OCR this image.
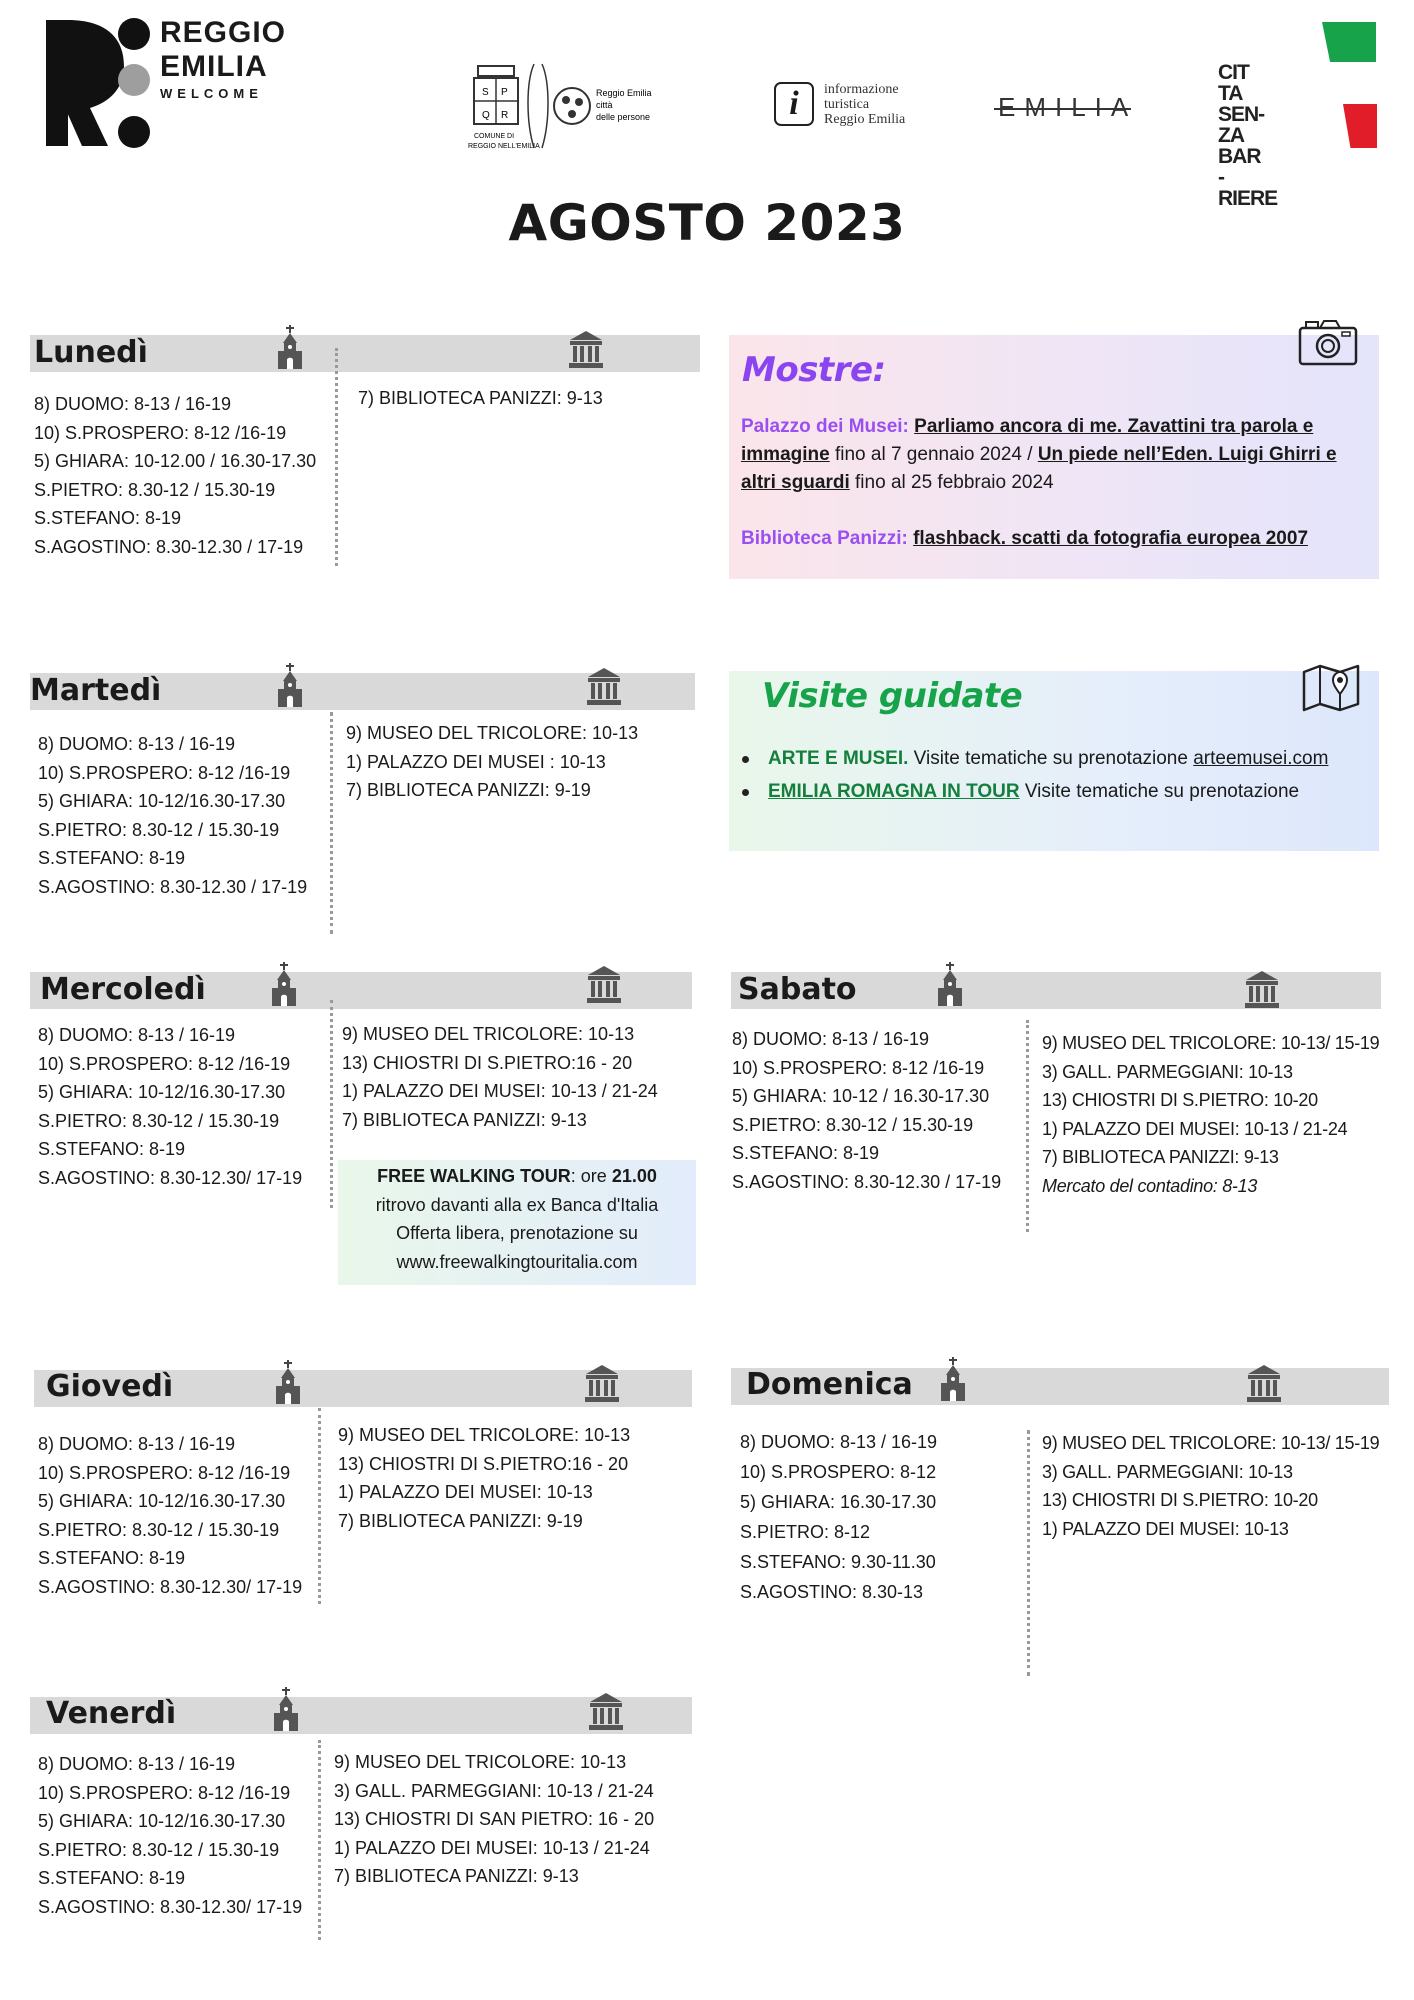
REGGIO
EMILIA
WELCOME	S P
Q R
COMUNE DI
REGGIO NELL'EMILIA
Reggio Emilia
città
delle persone	i	informazione
turistica
Reggio Emilia	EMILIA
CIT TA
SEN-
ZA BAR
-RIERE
AGOSTO 2023
Lunedì
8) DUOMO: 8-13 / 16-19
10) S.PROSPERO: 8-12 /16-19
5) GHIARA: 10-12.00 / 16.30-17.30
S.PIETRO: 8.30-12 / 15.30-19
S.STEFANO: 8-19
S.AGOSTINO: 8.30-12.30 / 17-19
7) BIBLIOTECA PANIZZI: 9-13
Martedì
8) DUOMO: 8-13 / 16-19
10) S.PROSPERO: 8-12 /16-19
5) GHIARA: 10-12/16.30-17.30
S.PIETRO: 8.30-12 / 15.30-19
S.STEFANO: 8-19
S.AGOSTINO: 8.30-12.30 / 17-19
9) MUSEO DEL TRICOLORE: 10-13
1) PALAZZO DEI MUSEI : 10-13
7) BIBLIOTECA PANIZZI: 9-19
Mercoledì
8) DUOMO: 8-13 / 16-19
10) S.PROSPERO: 8-12 /16-19
5) GHIARA: 10-12/16.30-17.30
S.PIETRO: 8.30-12 / 15.30-19
S.STEFANO: 8-19
S.AGOSTINO: 8.30-12.30/ 17-19
9) MUSEO DEL TRICOLORE: 10-13
13) CHIOSTRI DI S.PIETRO:16 - 20
1) PALAZZO DEI MUSEI: 10-13 / 21-24
7) BIBLIOTECA PANIZZI: 9-13
FREE WALKING TOUR: ore 21.00
ritrovo davanti alla ex Banca d'Italia
Offerta libera, prenotazione su
www.freewalkingtouritalia.com
Giovedì
8) DUOMO: 8-13 / 16-19
10) S.PROSPERO: 8-12 /16-19
5) GHIARA: 10-12/16.30-17.30
S.PIETRO: 8.30-12 / 15.30-19
S.STEFANO: 8-19
S.AGOSTINO: 8.30-12.30/ 17-19
9) MUSEO DEL TRICOLORE: 10-13
13) CHIOSTRI DI S.PIETRO:16 - 20
1) PALAZZO DEI MUSEI: 10-13
7) BIBLIOTECA PANIZZI: 9-19
Venerdì
8) DUOMO: 8-13 / 16-19
10) S.PROSPERO: 8-12 /16-19
5) GHIARA: 10-12/16.30-17.30
S.PIETRO: 8.30-12 / 15.30-19
S.STEFANO: 8-19
S.AGOSTINO: 8.30-12.30/ 17-19
9) MUSEO DEL TRICOLORE: 10-13
3) GALL. PARMEGGIANI: 10-13 / 21-24
13) CHIOSTRI DI SAN PIETRO: 16 - 20
1) PALAZZO DEI MUSEI: 10-13 / 21-24
7) BIBLIOTECA PANIZZI: 9-13
Sabato
8) DUOMO: 8-13 / 16-19
10) S.PROSPERO: 8-12 /16-19
5) GHIARA: 10-12 / 16.30-17.30
S.PIETRO: 8.30-12 / 15.30-19
S.STEFANO: 8-19
S.AGOSTINO: 8.30-12.30 / 17-19
9) MUSEO DEL TRICOLORE: 10-13/ 15-19
3) GALL. PARMEGGIANI: 10-13
13) CHIOSTRI DI S.PIETRO: 10-20
1) PALAZZO DEI MUSEI: 10-13 / 21-24
7) BIBLIOTECA PANIZZI: 9-13
Mercato del contadino: 8-13
Domenica
8) DUOMO: 8-13 / 16-19
10) S.PROSPERO: 8-12
5) GHIARA: 16.30-17.30
S.PIETRO: 8-12
S.STEFANO: 9.30-11.30
S.AGOSTINO: 8.30-13
9) MUSEO DEL TRICOLORE: 10-13/ 15-19
3) GALL. PARMEGGIANI: 10-13
13) CHIOSTRI DI S.PIETRO: 10-20
1) PALAZZO DEI MUSEI: 10-13
Mostre:

Palazzo dei Musei: Parliamo ancora di me. Zavattini tra parola e immagine fino al 7 gennaio 2024 / Un piede nell’Eden. Luigi Ghirri e altri sguardi fino al 25 febbraio 2024

Biblioteca Panizzi: flashback. scatti da fotografia europea 2007

Visite guidate
ARTE E MUSEI. Visite tematiche su prenotazione arteemusei.com
EMILIA ROMAGNA IN TOUR Visite tematiche su prenotazione
